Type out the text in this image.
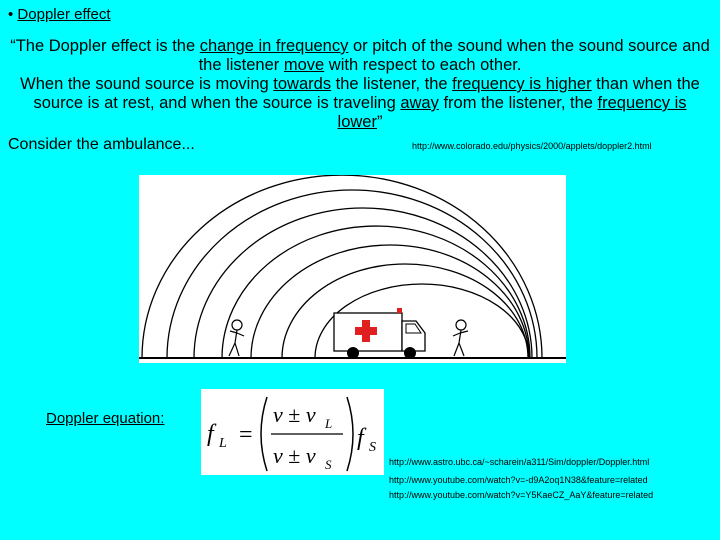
• Doppler effect
“The Doppler effect is the change in frequency or pitch of the sound when the sound source and the listener move with respect to each other.
When the sound source is moving towards the listener, the frequency is higher than when the source is at rest, and when the source is traveling away from the listener, the frequency is lower”
Consider the ambulance...	http://www.colorado.edu/physics/2000/applets/doppler2.html
Doppler equation:
f L =
v ± v L
v ± v S
f S
http://www.astro.ubc.ca/~scharein/a311/Sim/doppler/Doppler.html
http://www.youtube.com/watch?v=-d9A2oq1N38&feature=related
http://www.youtube.com/watch?v=Y5KaeCZ_AaY&feature=related
